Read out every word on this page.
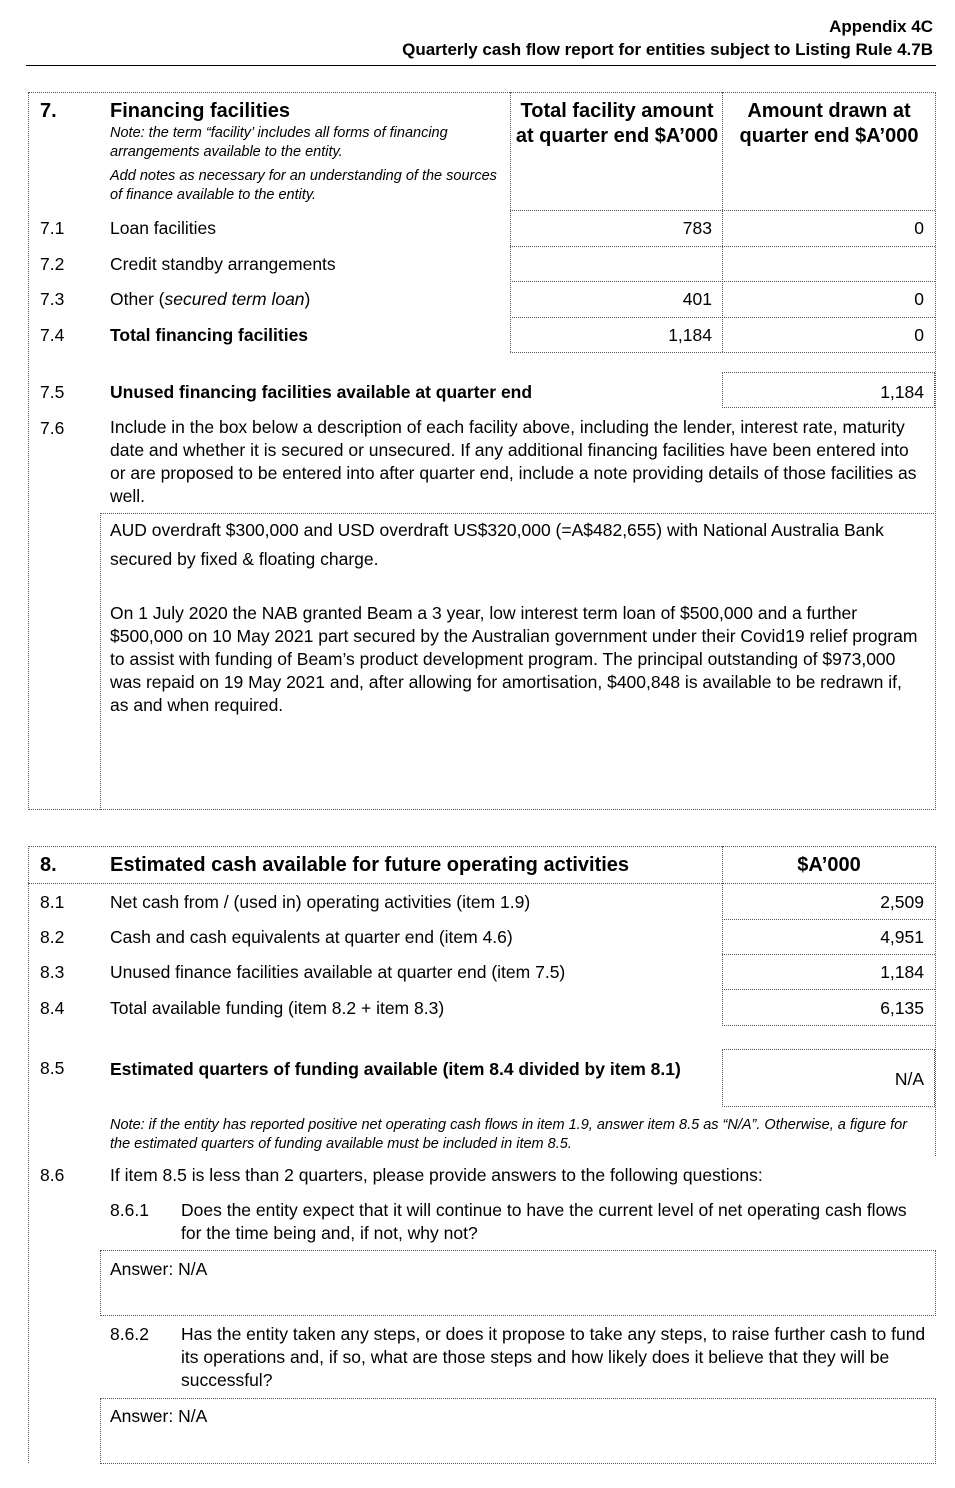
Appendix 4C
Quarterly cash flow report for entities subject to Listing Rule 4.7B
7.	Financing facilities
Note: the term “facility’ includes all forms of financing arrangements available to the entity.
Add notes as necessary for an understanding of the sources of finance available to the entity.
Total facility amount at quarter end $A’000
Amount drawn at quarter end $A’000
7.1	Loan facilities	783	0
7.2	Credit standby arrangements
7.3	Other (secured term loan)	401	0
7.4	Total financing facilities	1,184	0
7.5	Unused financing facilities available at quarter end	1,184
7.6	Include in the box below a description of each facility above, including the lender, interest rate, maturity date and whether it is secured or unsecured. If any additional financing facilities have been entered into or are proposed to be entered into after quarter end, include a note providing details of those facilities as well.
AUD overdraft $300,000 and USD overdraft US$320,000 (=A$482,655) with National Australia Bank secured by fixed & floating charge.
On 1 July 2020 the NAB granted Beam a 3 year, low interest term loan of $500,000 and a further $500,000 on 10 May 2021 part secured by the Australian government under their Covid19 relief program to assist with funding of Beam’s product development program. The principal outstanding of $973,000 was repaid on 19 May 2021 and, after allowing for amortisation, $400,848 is available to be redrawn if, as and when required.
8.	Estimated cash available for future operating activities	$A’000
8.1	Net cash from / (used in) operating activities (item 1.9)	2,509
8.2	Cash and cash equivalents at quarter end (item 4.6)	4,951
8.3	Unused finance facilities available at quarter end (item 7.5)	1,184
8.4	Total available funding (item 8.2 + item 8.3)	6,135
8.5	Estimated quarters of funding available (item 8.4 divided by item 8.1)	N/A
Note: if the entity has reported positive net operating cash flows in item 1.9, answer item 8.5 as “N/A”. Otherwise, a figure for the estimated quarters of funding available must be included in item 8.5.
8.6	If item 8.5 is less than 2 quarters, please provide answers to the following questions:
8.6.1 Does the entity expect that it will continue to have the current level of net operating cash flows for the time being and, if not, why not?
Answer: N/A
8.6.2 Has the entity taken any steps, or does it propose to take any steps, to raise further cash to fund its operations and, if so, what are those steps and how likely does it believe that they will be successful?
Answer: N/A
